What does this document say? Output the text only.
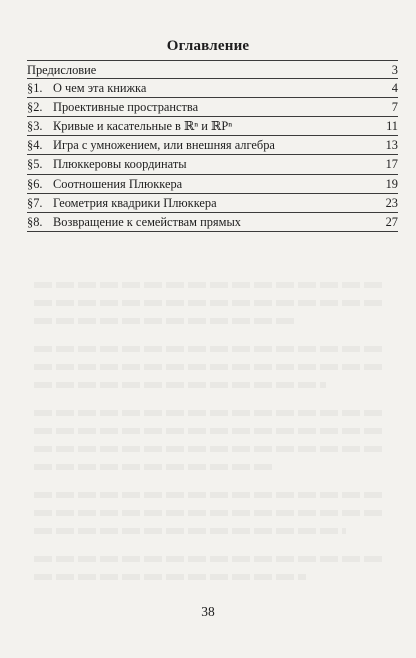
Оглавление
Предисловие	3
§1. О чем эта книжка	4
§2. Проективные пространства	7
§3. Кривые и касательные в ℝⁿ и ℝPⁿ	11
§4. Игра с умножением, или внешняя алгебра	13
§5. Плюккеровы координаты	17
§6. Соотношения Плюккера	19
§7. Геометрия квадрики Плюккера	23
§8. Возвращение к семействам прямых	27
38
